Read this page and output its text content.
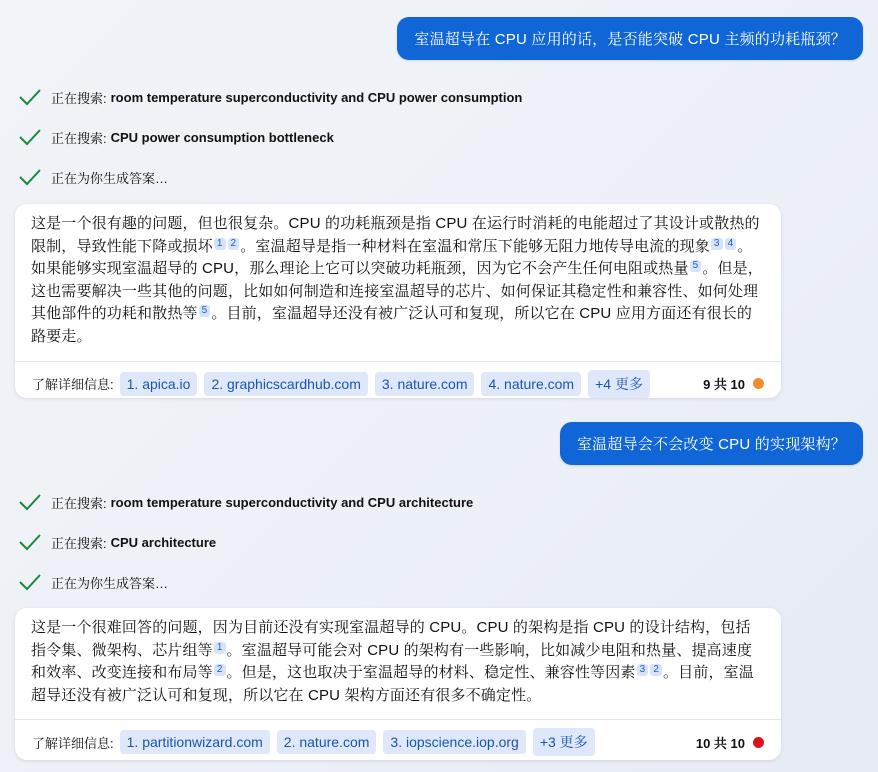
室温超导在 CPU 应用的话，是否能突破 CPU 主频的功耗瓶颈？
正在搜索: room temperature superconductivity and CPU power consumption
正在搜索: CPU power consumption bottleneck
正在为你生成答案…
这是一个很有趣的问题，但也很复杂。CPU 的功耗瓶颈是指 CPU 在运行时消耗的电能超过了其设计或散热的限制，导致性能下降或损坏 1 2 。室温超导是指一种材料在室温和常压下能够无阻力地传导电流的现象 3 4 。如果能够实现室温超导的 CPU，那么理论上它可以突破功耗瓶颈，因为它不会产生任何电阻或热量 5 。但是，这也需要解决一些其他的问题，比如如何制造和连接室温超导的芯片、如何保证其稳定性和兼容性、如何处理其他部件的功耗和散热等 5 。目前，室温超导还没有被广泛认可和复现，所以它在 CPU 应用方面还有很长的路要走。
了解详细信息: 1. apica.io	2. graphicscardhub.com	3. nature.com	4. nature.com	+4 更多	9 共 10
室温超导会不会改变 CPU 的实现架构？
正在搜索: room temperature superconductivity and CPU architecture
正在搜索: CPU architecture
正在为你生成答案…
这是一个很难回答的问题，因为目前还没有实现室温超导的 CPU。CPU 的架构是指 CPU 的设计结构，包括指令集、微架构、芯片组等 1 。室温超导可能会对 CPU 的架构有一些影响，比如减少电阻和热量、提高速度和效率、改变连接和布局等 2 。但是，这也取决于室温超导的材料、稳定性、兼容性等因素 3 2 。目前，室温超导还没有被广泛认可和复现，所以它在 CPU 架构方面还有很多不确定性。
了解详细信息: 1. partitionwizard.com	2. nature.com	3. iopscience.iop.org	+3 更多	10 共 10
